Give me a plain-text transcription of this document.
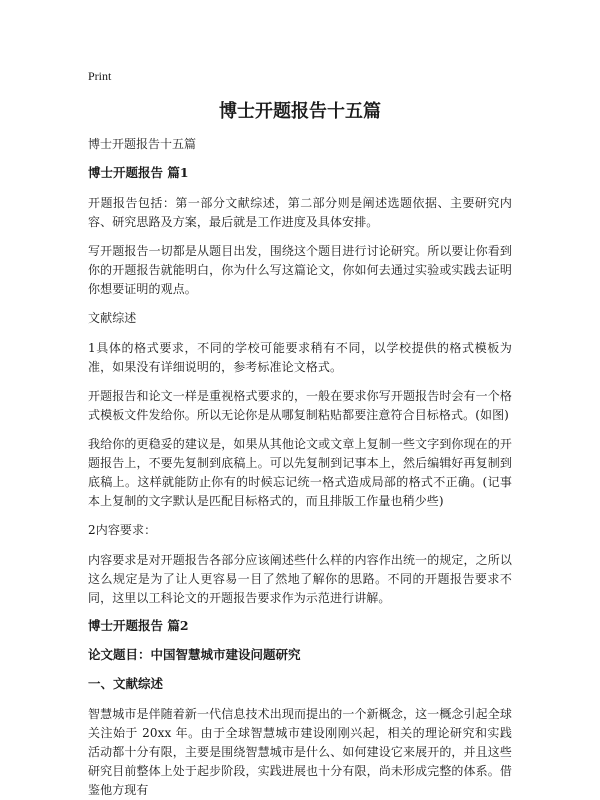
Print
博士开题报告十五篇
博士开题报告十五篇
博士开题报告 篇1
开题报告包括：第一部分文献综述，第二部分则是阐述选题依据、主要研究内容、研究思路及方案，最后就是工作进度及具体安排。
写开题报告一切都是从题目出发，围绕这个题目进行讨论研究。所以要让你看到你的开题报告就能明白，你为什么写这篇论文，你如何去通过实验或实践去证明你想要证明的观点。
文献综述
1具体的格式要求，不同的学校可能要求稍有不同，以学校提供的格式模板为准，如果没有详细说明的，参考标准论文格式。
开题报告和论文一样是重视格式要求的，一般在要求你写开题报告时会有一个格式模板文件发给你。所以无论你是从哪复制粘贴都要注意符合目标格式。(如图)
我给你的更稳妥的建议是，如果从其他论文或文章上复制一些文字到你现在的开题报告上，不要先复制到底稿上。可以先复制到记事本上，然后编辑好再复制到底稿上。这样就能防止你有的时候忘记统一格式造成局部的格式不正确。(记事本上复制的文字默认是匹配目标格式的，而且排版工作量也稍少些)
2内容要求：
内容要求是对开题报告各部分应该阐述些什么样的内容作出统一的规定，之所以这么规定是为了让人更容易一目了然地了解你的思路。不同的开题报告要求不同，这里以工科论文的开题报告要求作为示范进行讲解。
博士开题报告 篇2
论文题目：中国智慧城市建设问题研究
一、文献综述
智慧城市是伴随着新一代信息技术出现而提出的一个新概念，这一概念引起全球关注始于 20xx 年。由于全球智慧城市建设刚刚兴起，相关的理论研究和实践活动都十分有限，主要是围绕智慧城市是什么、如何建设它来展开的，并且这些研究目前整体上处于起步阶段，实践进展也十分有限，尚未形成完整的体系。借鉴他方现有
